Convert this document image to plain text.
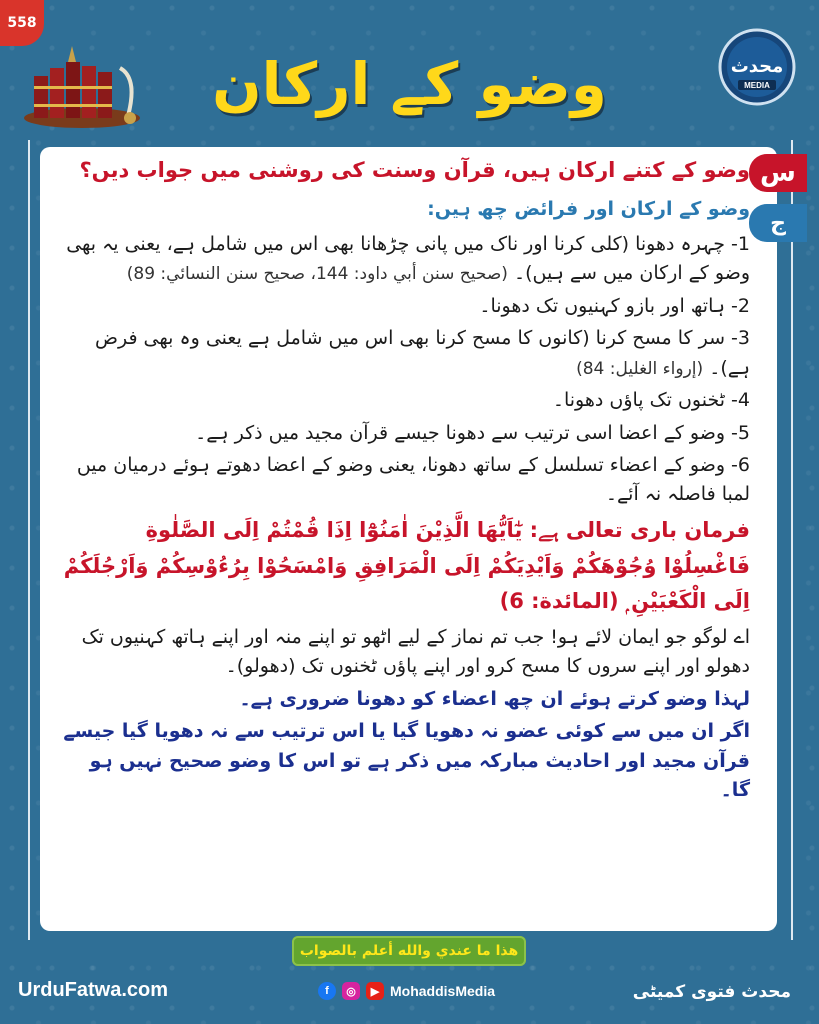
558
وضو کے ارکان	محدث
MEDIA
س
ج

وضو کے کتنے ارکان ہیں، قرآن وسنت کی روشنی میں جواب دیں؟

وضو کے ارکان اور فرائض چھ ہیں:

1- چہرہ دھونا (کلی کرنا اور ناک میں پانی چڑھانا بھی اس میں شامل ہے، یعنی یہ بھی وضو کے ارکان میں سے ہیں)۔ (صحيح سنن أبي داود: 144، صحيح سنن النسائي: 89)

2- ہاتھ اور بازو کہنیوں تک دھونا۔

3- سر کا مسح کرنا (کانوں کا مسح کرنا بھی اس میں شامل ہے یعنی وہ بھی فرض ہے)۔ (إرواء الغليل: 84)

4- ٹخنوں تک پاؤں دھونا۔

5- وضو کے اعضا اسی ترتیب سے دھونا جیسے قرآن مجید میں ذکر ہے۔

6- وضو کے اعضاء تسلسل کے ساتھ دھونا، یعنی وضو کے اعضا دھوتے ہوئے درمیان میں لمبا فاصلہ نہ آئے۔

فرمان باری تعالی ہے: يٰٓاَيُّهَا الَّذِيْنَ اٰمَنُوْٓا اِذَا قُمْتُمْ اِلَى الصَّلٰوةِ فَاغْسِلُوْا وُجُوْهَكُمْ وَاَيْدِيَكُمْ اِلَى الْمَرَافِقِ وَامْسَحُوْا بِرُءُوْسِكُمْ وَاَرْجُلَكُمْ اِلَى الْكَعْبَيْنِ ۭ (المائدة: 6)

اے لوگو جو ایمان لائے ہو! جب تم نماز کے لیے اٹھو تو اپنے منہ اور اپنے ہاتھ کہنیوں تک دھولو اور اپنے سروں کا مسح کرو اور اپنے پاؤں ٹخنوں تک (دھولو)۔

لہذا وضو کرتے ہوئے ان چھ اعضاء کو دھونا ضروری ہے۔

اگر ان میں سے کوئی عضو نہ دھویا گیا یا اس ترتیب سے نہ دھویا گیا جیسے قرآن مجید اور احادیث مبارکہ میں ذکر ہے تو اس کا وضو صحیح نہیں ہو گا۔

هذا ما عندي والله أعلم بالصواب
UrduFatwa.com	f	◎	▶ MohaddisMedia	محدث فتوی کمیٹی
